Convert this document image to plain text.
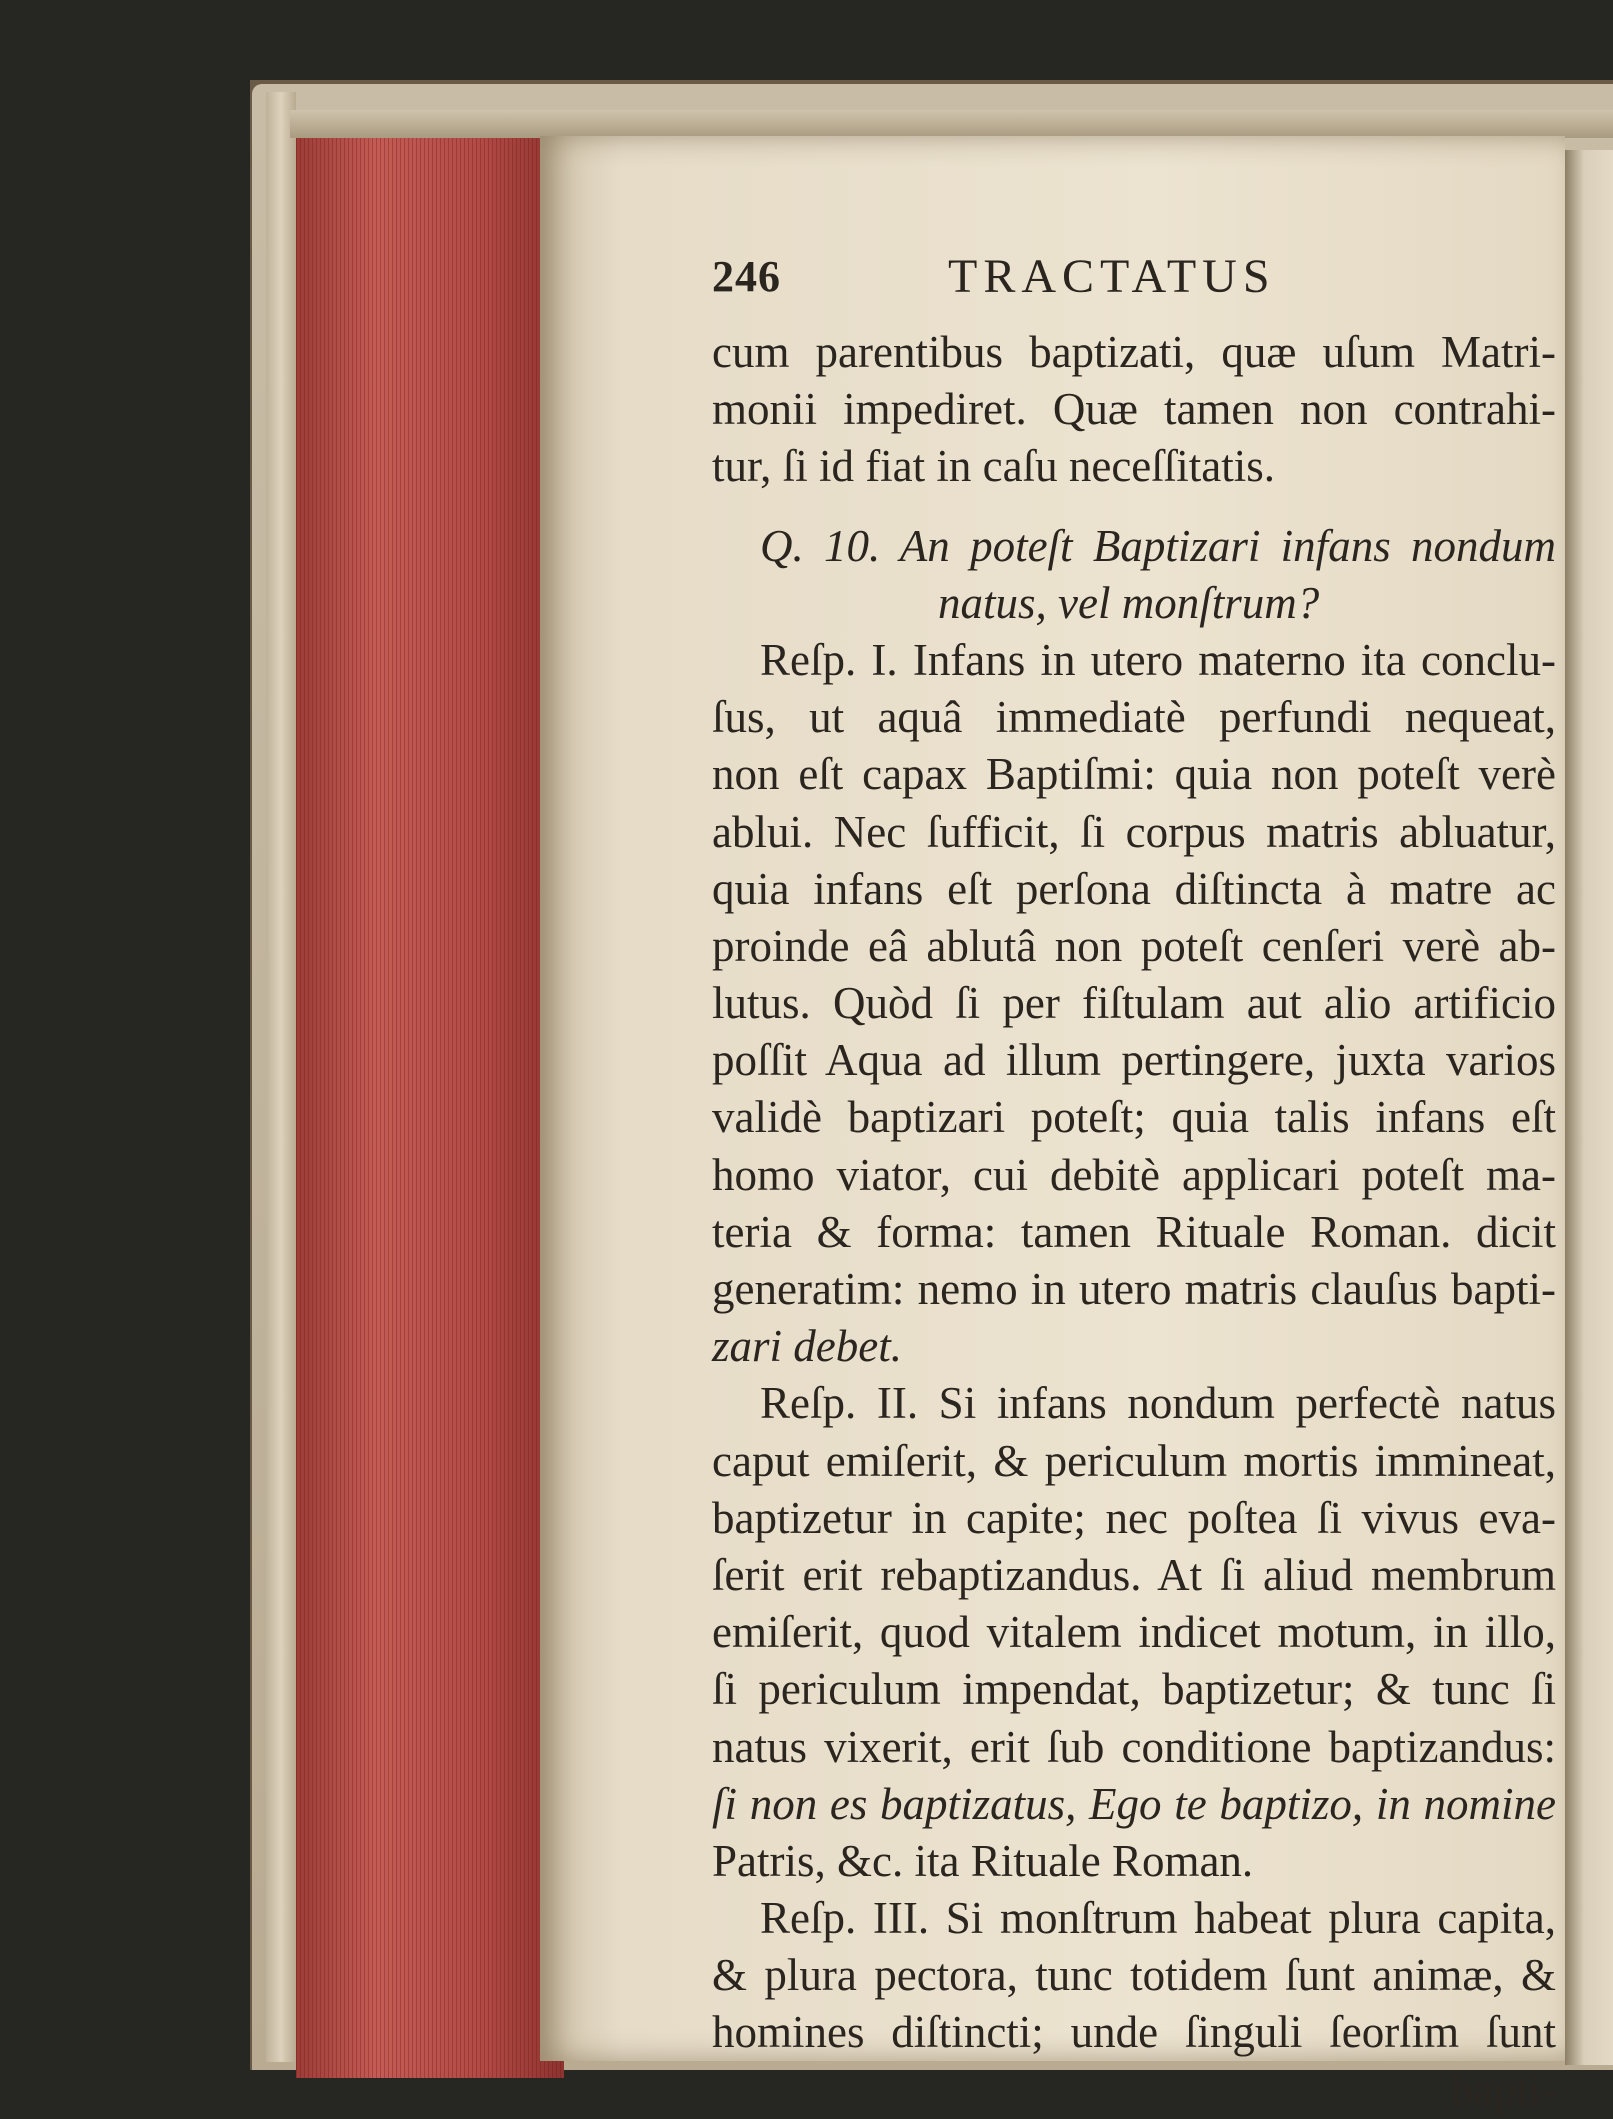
246	TRACTATUS
cum parentibus baptizati, quæ uſum Matri-
monii impediret. Quæ tamen non contrahi-
tur, ſi id fiat in caſu neceſſitatis.
Q. 10. An poteſt Baptizari infans nondum
natus, vel monſtrum?
Reſp. I. Infans in utero materno ita conclu-
ſus, ut aquâ immediatè perfundi nequeat,
non eſt capax Baptiſmi: quia non poteſt verè
ablui. Nec ſufficit, ſi corpus matris abluatur,
quia infans eſt perſona diſtincta à matre ac
proinde eâ ablutâ non poteſt cenſeri verè ab-
lutus. Quòd ſi per fiſtulam aut alio artificio
poſſit Aqua ad illum pertingere, juxta varios
validè baptizari poteſt; quia talis infans eſt
homo viator, cui debitè applicari poteſt ma-
teria & forma: tamen Rituale Roman. dicit
generatim: nemo in utero matris clauſus bapti-
zari debet.
Reſp. II. Si infans nondum perfectè natus
caput emiſerit, & periculum mortis immineat,
baptizetur in capite; nec poſtea ſi vivus eva-
ſerit erit rebaptizandus. At ſi aliud membrum
emiſerit, quod vitalem indicet motum, in illo,
ſi periculum impendat, baptizetur; & tunc ſi
natus vixerit, erit ſub conditione baptizandus:
ſi non es baptizatus, Ego te baptizo, in nomine
Patris, &c. ita Rituale Roman.
Reſp. III. Si monſtrum habeat plura capita,
& plura pectora, tunc totidem ſunt animæ, &
homines diſtincti; unde ſinguli ſeorſim ſunt
bapti-
